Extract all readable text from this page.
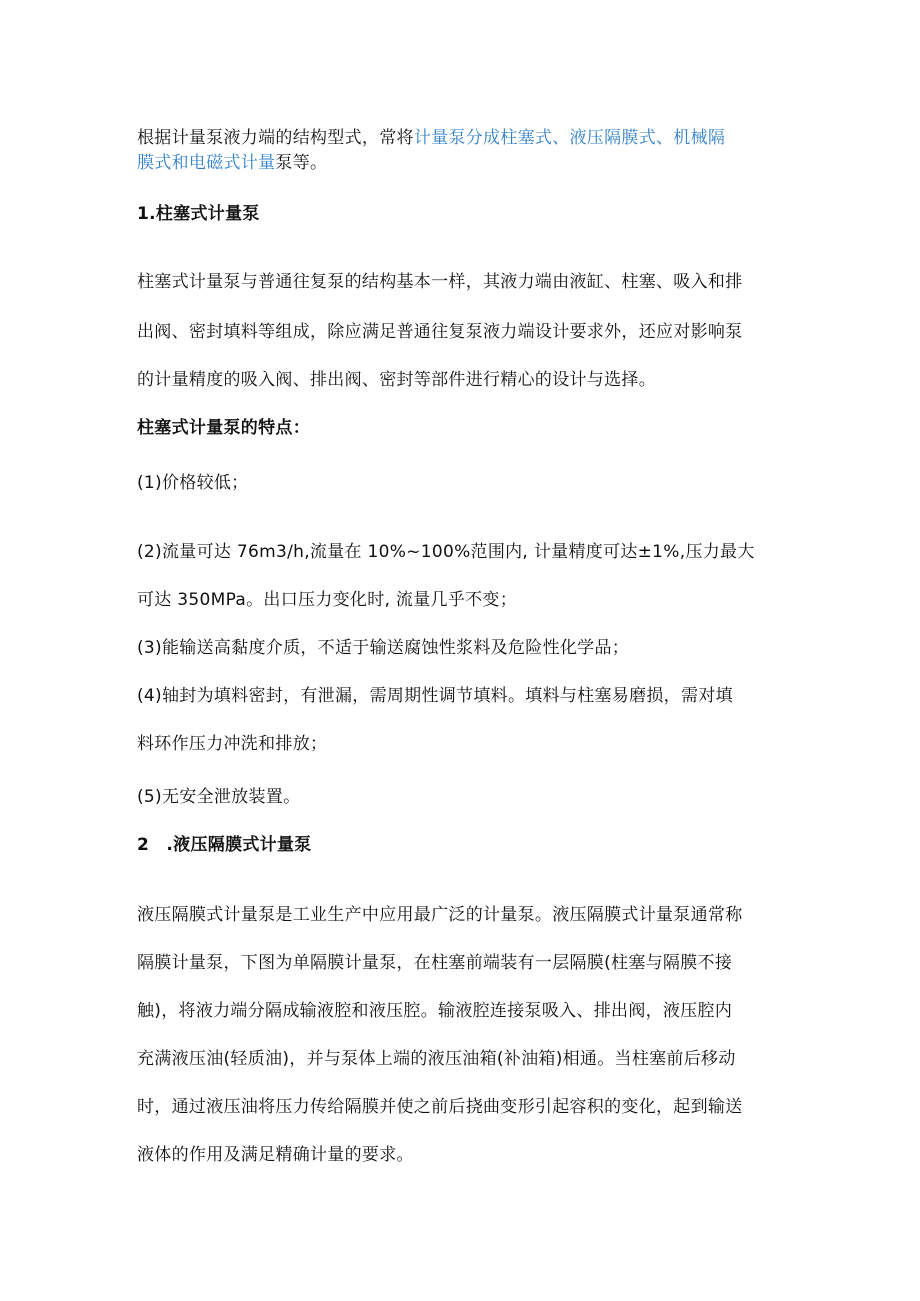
根据计量泵液力端的结构型式，常将计量泵分成柱塞式、液压隔膜式、机械隔
膜式和电磁式计量泵等。
1.柱塞式计量泵
柱塞式计量泵与普通往复泵的结构基本一样，其液力端由液缸、柱塞、吸入和排
出阀、密封填料等组成，除应满足普通往复泵液力端设计要求外，还应对影响泵
的计量精度的吸入阀、排出阀、密封等部件进行精心的设计与选择。
柱塞式计量泵的特点：
(1)价格较低；
(2)流量可达 76m3∕h,流量在 10%~100%范围内, 计量精度可达±1%,压力最大
可达 350MPa。出口压力变化时, 流量几乎不变；
(3)能输送高黏度介质，不适于输送腐蚀性浆料及危险性化学品；
(4)轴封为填料密封，有泄漏，需周期性调节填料。填料与柱塞易磨损，需对填
料环作压力冲洗和排放；
(5)无安全泄放装置。
2　.液压隔膜式计量泵
液压隔膜式计量泵是工业生产中应用最广泛的计量泵。液压隔膜式计量泵通常称
隔膜计量泵，下图为单隔膜计量泵，在柱塞前端装有一层隔膜(柱塞与隔膜不接
触)，将液力端分隔成输液腔和液压腔。输液腔连接泵吸入、排出阀，液压腔内
充满液压油(轻质油)，并与泵体上端的液压油箱(补油箱)相通。当柱塞前后移动
时，通过液压油将压力传给隔膜并使之前后挠曲变形引起容积的变化，起到输送
液体的作用及满足精确计量的要求。
